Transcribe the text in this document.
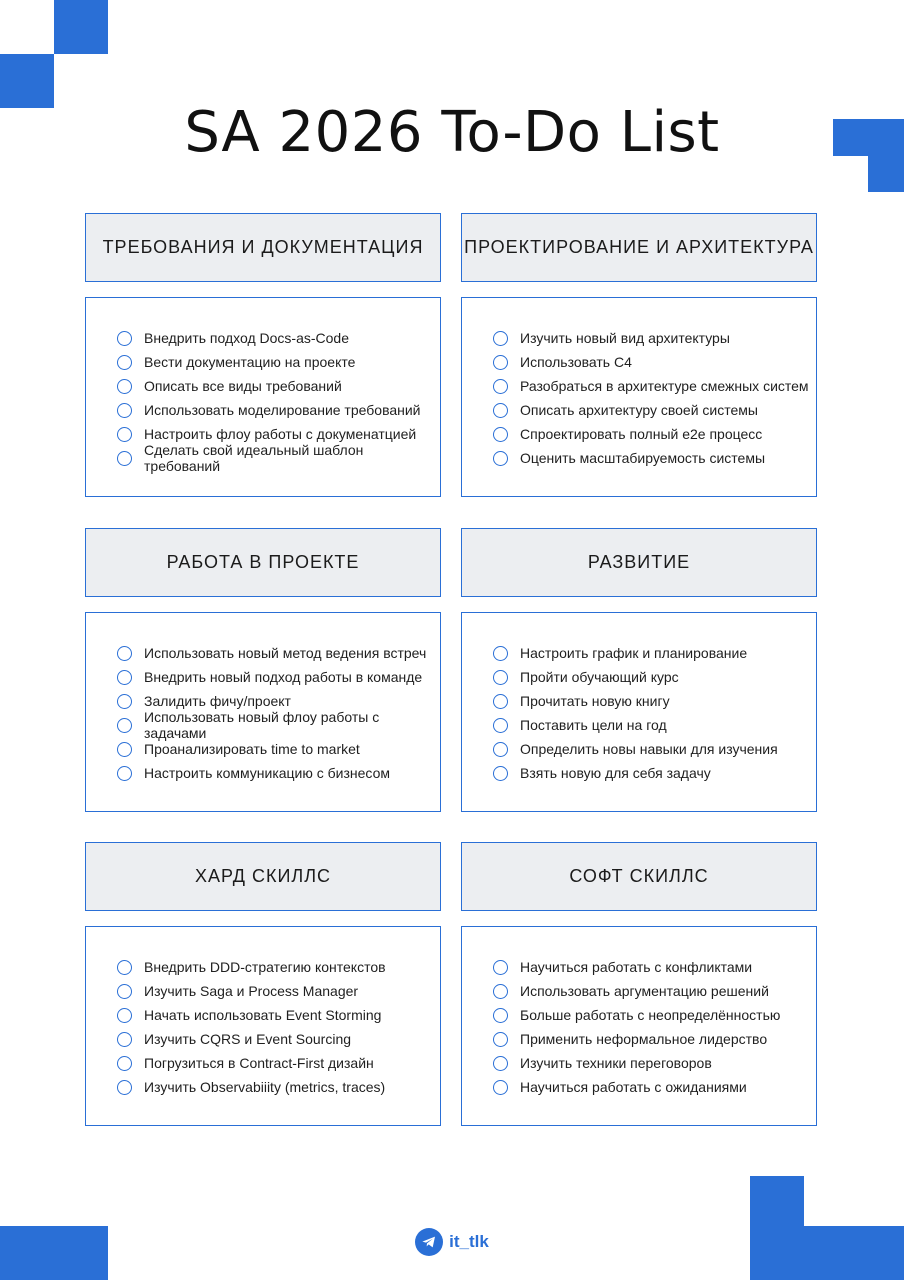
SA 2026 To-Do List
ТРЕБОВАНИЯ И ДОКУМЕНТАЦИЯ
Внедрить подход Docs-as-Code
Вести документацию на проекте
Описать все виды требований
Использовать моделирование требований
Настроить флоу работы с докуменатцией
Сделать свой идеальный шаблон требований
ПРОЕКТИРОВАНИЕ И АРХИТЕКТУРА
Изучить новый вид архитектуры
Использовать С4
Разобраться в архитектуре смежных систем
Описать архитектуру своей системы
Спроектировать полный е2е процесс
Оценить масштабируемость системы
РАБОТА В ПРОЕКТЕ
Использовать новый метод ведения встреч
Внедрить новый подход работы в команде
Залидить фичу/проект
Использовать новый флоу работы с задачами
Проанализировать time to market
Настроить коммуникацию с бизнесом
РАЗВИТИЕ
Настроить график и планирование
Пройти обучающий курс
Прочитать новую книгу
Поставить цели на год
Определить новы навыки для изучения
Взять новую для себя задачу
ХАРД СКИЛЛС
Внедрить DDD-стратегию контекстов
Изучить Saga и Process Manager
Начать использовать Event Storming
Изучить CQRS и Event Sourcing
Погрузиться в Contract-First дизайн
Изучить Observabiiity (metrics, traces)
СОФТ СКИЛЛС
Научиться работать с конфликтами
Использовать аргументацию решений
Больше работать с неопределённостью
Применить неформальное лидерство
Изучить техники переговоров
Научиться работать с ожиданиями
it_tlk
